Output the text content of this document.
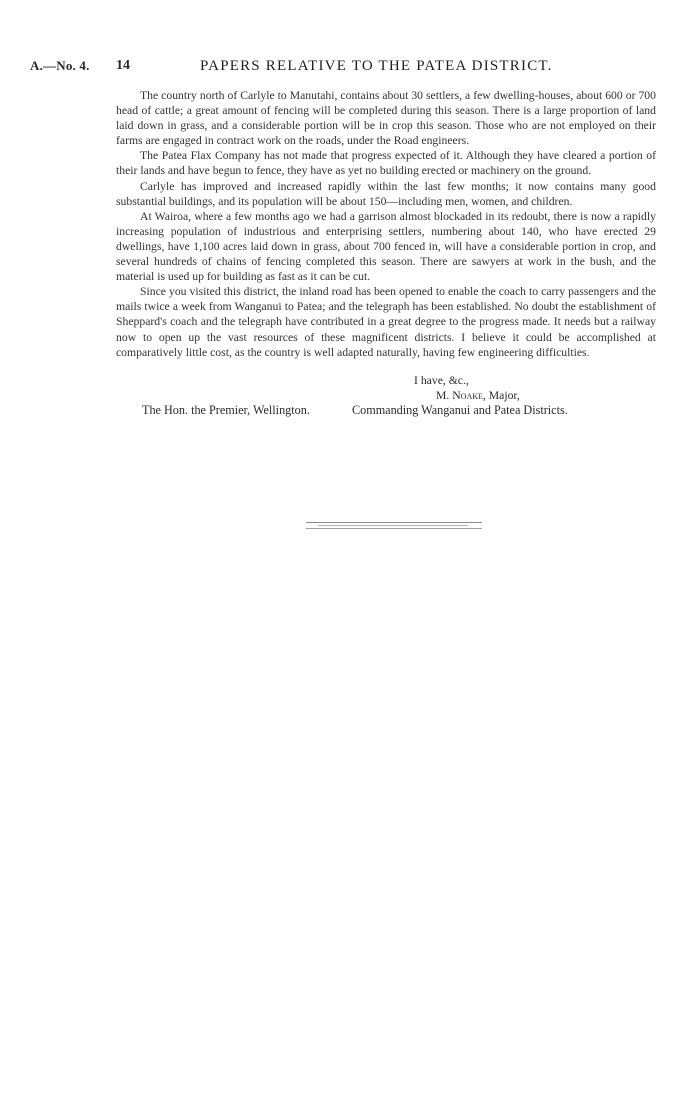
A.—No. 4. 14	PAPERS RELATIVE TO THE PATEA DISTRICT.

The country north of Carlyle to Manutahi, contains about 30 settlers, a few dwelling-houses, about 600 or 700 head of cattle; a great amount of fencing will be completed during this season. There is a large proportion of land laid down in grass, and a considerable portion will be in crop this season. Those who are not employed on their farms are engaged in contract work on the roads, under the Road engineers.

The Patea Flax Company has not made that progress expected of it. Although they have cleared a portion of their lands and have begun to fence, they have as yet no building erected or machinery on the ground.

Carlyle has improved and increased rapidly within the last few months; it now contains many good substantial buildings, and its population will be about 150—including men, women, and children.

At Wairoa, where a few months ago we had a garrison almost blockaded in its redoubt, there is now a rapidly increasing population of industrious and enterprising settlers, numbering about 140, who have erected 29 dwellings, have 1,100 acres laid down in grass, about 700 fenced in, will have a considerable portion in crop, and several hundreds of chains of fencing completed this season. There are sawyers at work in the bush, and the material is used up for building as fast as it can be cut.

Since you visited this district, the inland road has been opened to enable the coach to carry passengers and the mails twice a week from Wanganui to Patea; and the telegraph has been established. No doubt the establishment of Sheppard's coach and the telegraph have contributed in a great degree to the progress made. It needs but a railway now to open up the vast resources of these magnificent districts. I believe it could be accomplished at comparatively little cost, as the country is well adapted naturally, having few engineering difficulties.

I have, &c.,
M. Noake, Major,
The Hon. the Premier, Wellington.	Commanding Wanganui and Patea Districts.
